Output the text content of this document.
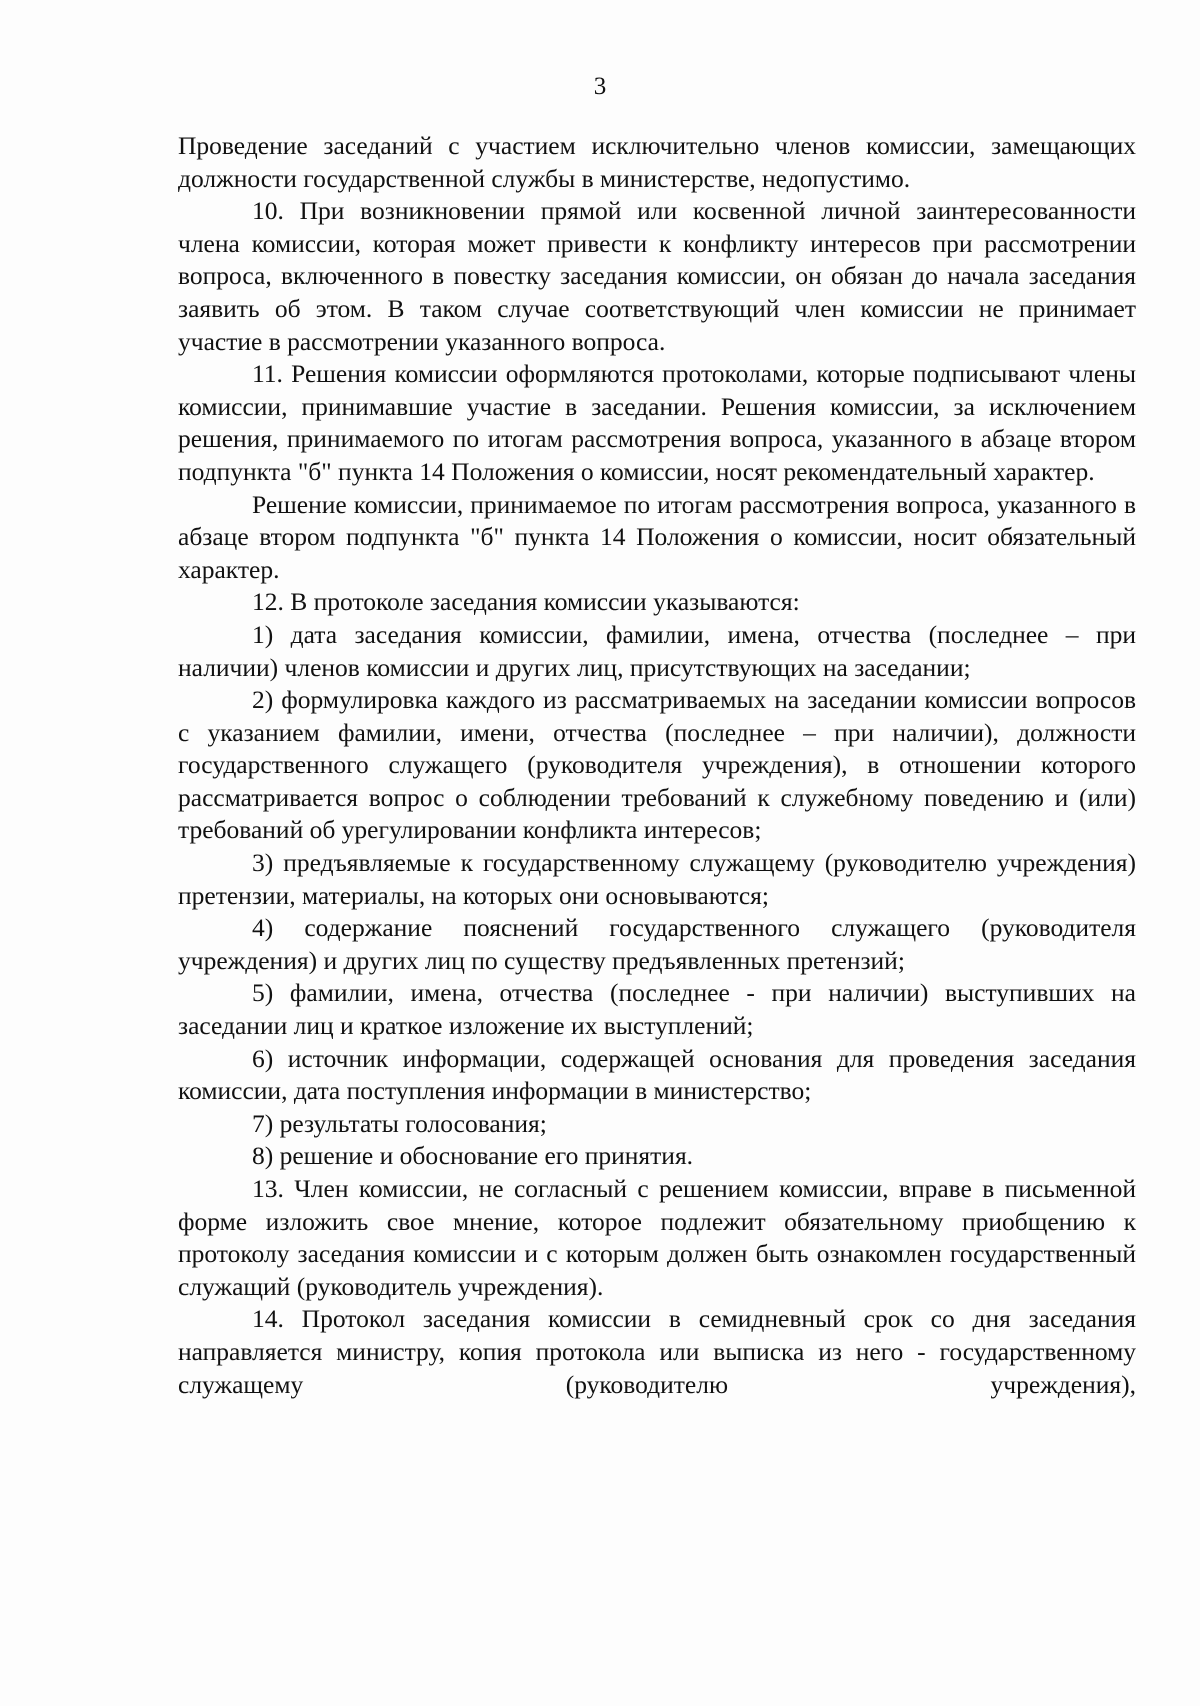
3

Проведение заседаний с участием исключительно членов комиссии, замещающих должности государственной службы в министерстве, недопустимо.

10. При возникновении прямой или косвенной личной заинтересованности члена комиссии, которая может привести к конфликту интересов при рассмотрении вопроса, включенного в повестку заседания комиссии, он обязан до начала заседания заявить об этом. В таком случае соответствующий член комиссии не принимает участие в рассмотрении указанного вопроса.

11. Решения комиссии оформляются протоколами, которые подписывают члены комиссии, принимавшие участие в заседании. Решения комиссии, за исключением решения, принимаемого по итогам рассмотрения вопроса, указанного в абзаце втором подпункта "б" пункта 14 Положения о комиссии, носят рекомендательный характер.

Решение комиссии, принимаемое по итогам рассмотрения вопроса, указанного в абзаце втором подпункта "б" пункта 14 Положения о комиссии, носит обязательный характер.

12. В протоколе заседания комиссии указываются:

1) дата заседания комиссии, фамилии, имена, отчества (последнее – при наличии) членов комиссии и других лиц, присутствующих на заседании;

2) формулировка каждого из рассматриваемых на заседании комиссии вопросов с указанием фамилии, имени, отчества (последнее – при наличии), должности государственного служащего (руководителя учреждения), в отношении которого рассматривается вопрос о соблюдении требований к служебному поведению и (или) требований об урегулировании конфликта интересов;

3) предъявляемые к государственному служащему (руководителю учреждения) претензии, материалы, на которых они основываются;

4) содержание пояснений государственного служащего (руководителя учреждения) и других лиц по существу предъявленных претензий;

5) фамилии, имена, отчества (последнее - при наличии) выступивших на заседании лиц и краткое изложение их выступлений;

6) источник информации, содержащей основания для проведения заседания комиссии, дата поступления информации в министерство;

7) результаты голосования;

8) решение и обоснование его принятия.

13. Член комиссии, не согласный с решением комиссии, вправе в письменной форме изложить свое мнение, которое подлежит обязательному приобщению к протоколу заседания комиссии и с которым должен быть ознакомлен государственный служащий (руководитель учреждения).

14. Протокол заседания комиссии в семидневный срок со дня заседания направляется министру, копия протокола или выписка из него - государственному служащему (руководителю учреждения),
